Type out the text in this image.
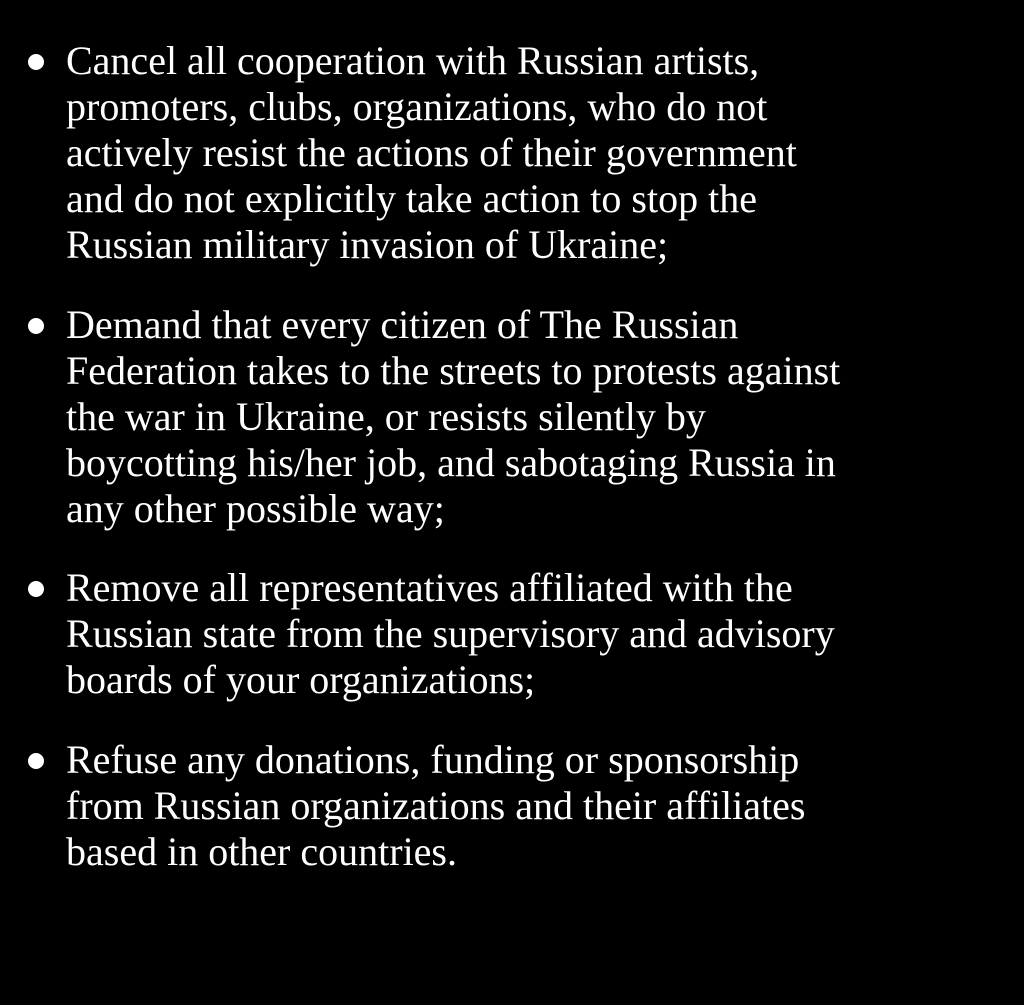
Cancel all cooperation with Russian artists,
promoters, clubs, organizations, who do not
actively resist the actions of their government
and do not explicitly take action to stop the
Russian military invasion of Ukraine;

Demand that every citizen of The Russian
Federation takes to the streets to protests against
the war in Ukraine, or resists silently by
boycotting his/her job, and sabotaging Russia in
any other possible way;

Remove all representatives affiliated with the
Russian state from the supervisory and advisory
boards of your organizations;

Refuse any donations, funding or sponsorship
from Russian organizations and their affiliates
based in other countries.
